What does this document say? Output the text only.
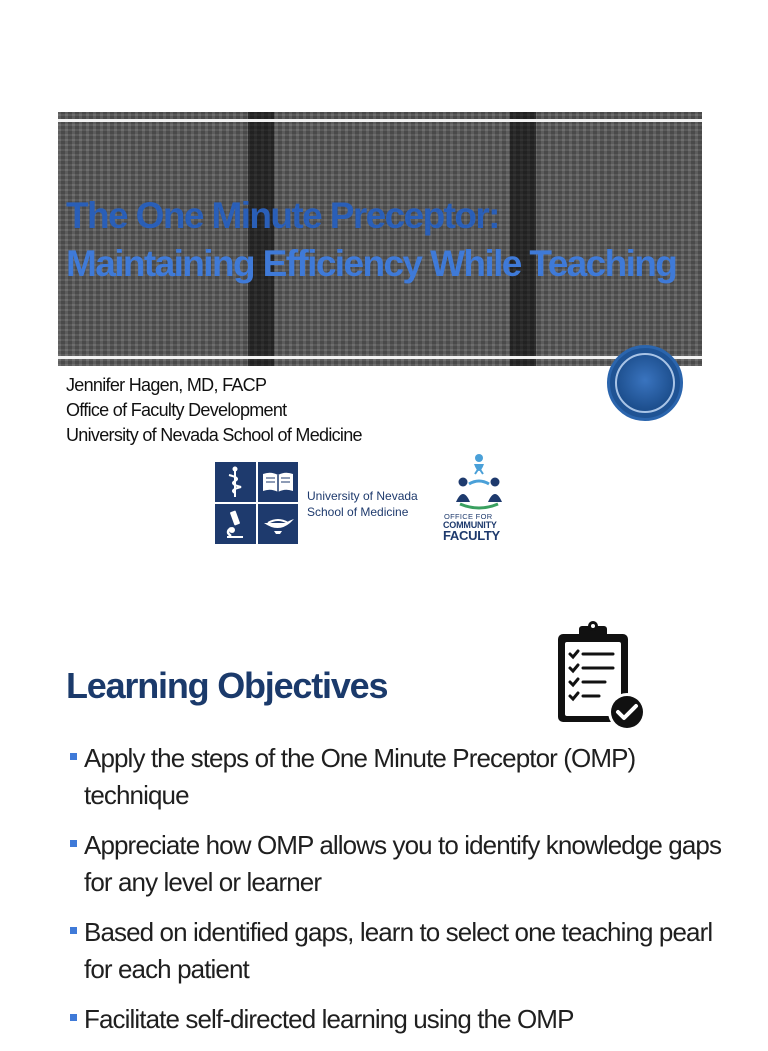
The One Minute Preceptor:
Maintaining Efficiency While Teaching
Jennifer Hagen, MD, FACP
Office of Faculty Development
University of Nevada School of Medicine
University of Nevada
School of Medicine	OFFICE FOR
COMMUNITY
FACULTY
Learning Objectives
Apply the steps of the One Minute Preceptor (OMP) technique
Appreciate how OMP allows you to identify knowledge gaps for any level or learner
Based on identified gaps, learn to select one teaching pearl for each patient
Facilitate self-directed learning using the OMP
